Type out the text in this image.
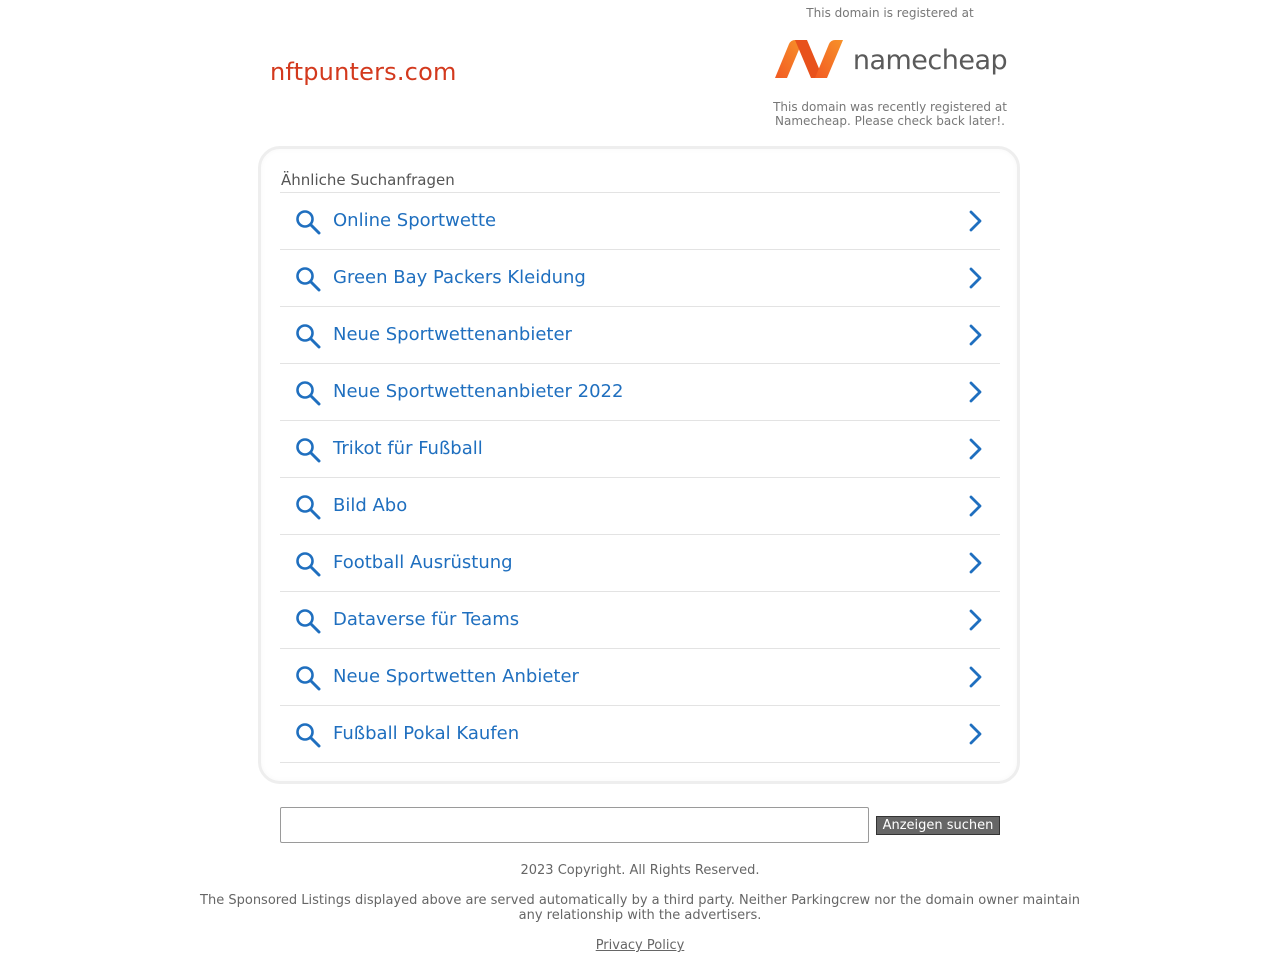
nftpunters.com
This domain is registered at
namecheap
This domain was recently registered at Namecheap. Please check back later!.
Ähnliche Suchanfragen
Online Sportwette
Green Bay Packers Kleidung
Neue Sportwettenanbieter
Neue Sportwettenanbieter 2022
Trikot für Fußball
Bild Abo
Football Ausrüstung
Dataverse für Teams
Neue Sportwetten Anbieter
Fußball Pokal Kaufen
Anzeigen suchen
2023 Copyright. All Rights Reserved.
The Sponsored Listings displayed above are served automatically by a third party. Neither Parkingcrew nor the domain owner maintain any relationship with the advertisers.
Privacy Policy
